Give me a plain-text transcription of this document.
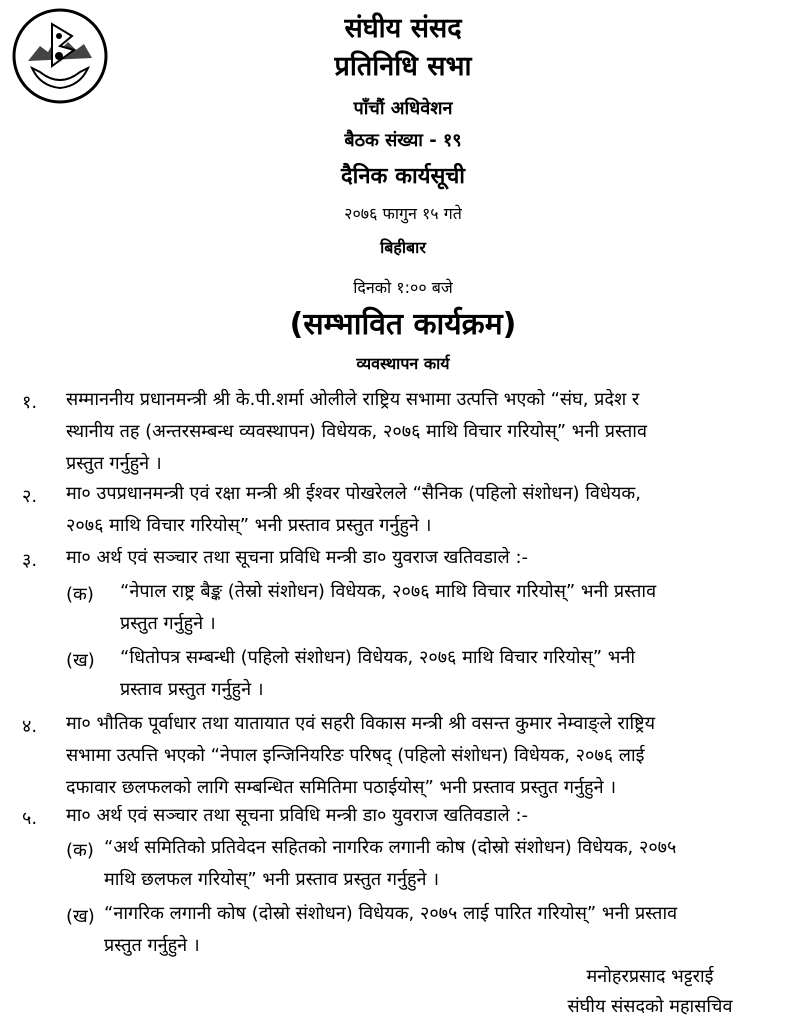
संघीय संसद
प्रतिनिधि सभा
पाँचौं अधिवेशन
बैठक संख्या - १९
दैनिक कार्यसूची
२०७६ फागुन १५ गते
बिहीबार
दिनको १:०० बजे
(सम्भावित कार्यक्रम)
व्यवस्थापन कार्य
१. सम्माननीय प्रधानमन्त्री श्री के.पी.शर्मा ओलीले राष्ट्रिय सभामा उत्पत्ति भएको “संघ, प्रदेश र
स्थानीय तह (अन्तरसम्बन्ध व्यवस्थापन) विधेयक, २०७६ माथि विचार गरियोस्” भनी प्रस्ताव
प्रस्तुत गर्नुहुने ।
२. मा० उपप्रधानमन्त्री एवं रक्षा मन्त्री श्री ईश्वर पोखरेलले “सैनिक (पहिलो संशोधन) विधेयक,
२०७६ माथि विचार गरियोस्” भनी प्रस्ताव प्रस्तुत गर्नुहुने ।
३. मा० अर्थ एवं सञ्चार तथा सूचना प्रविधि मन्त्री डा० युवराज खतिवडाले :-
(क) “नेपाल राष्ट्र बैङ्क (तेस्रो संशोधन) विधेयक, २०७६ माथि विचार गरियोस्” भनी प्रस्ताव
प्रस्तुत गर्नुहुने ।
(ख) “धितोपत्र सम्बन्धी (पहिलो संशोधन) विधेयक, २०७६ माथि विचार गरियोस्” भनी
प्रस्ताव प्रस्तुत गर्नुहुने ।
४. मा० भौतिक पूर्वाधार तथा यातायात एवं सहरी विकास मन्त्री श्री वसन्त कुमार नेम्वाङ्ले राष्ट्रिय
सभामा उत्पत्ति भएको “नेपाल इन्जिनियरिङ परिषद् (पहिलो संशोधन) विधेयक, २०७६ लाई
दफावार छलफलको लागि सम्बन्धित समितिमा पठाईयोस्” भनी प्रस्ताव प्रस्तुत गर्नुहुने ।
५. मा० अर्थ एवं सञ्चार तथा सूचना प्रविधि मन्त्री डा० युवराज खतिवडाले :-
(क) “अर्थ समितिको प्रतिवेदन सहितको नागरिक लगानी कोष (दोस्रो संशोधन) विधेयक, २०७५
माथि छलफल गरियोस्” भनी प्रस्ताव प्रस्तुत गर्नुहुने ।
(ख) “नागरिक लगानी कोष (दोस्रो संशोधन) विधेयक, २०७५ लाई पारित गरियोस्” भनी प्रस्ताव
प्रस्तुत गर्नुहुने ।
मनोहरप्रसाद भट्टराई
संघीय संसदको महासचिव
